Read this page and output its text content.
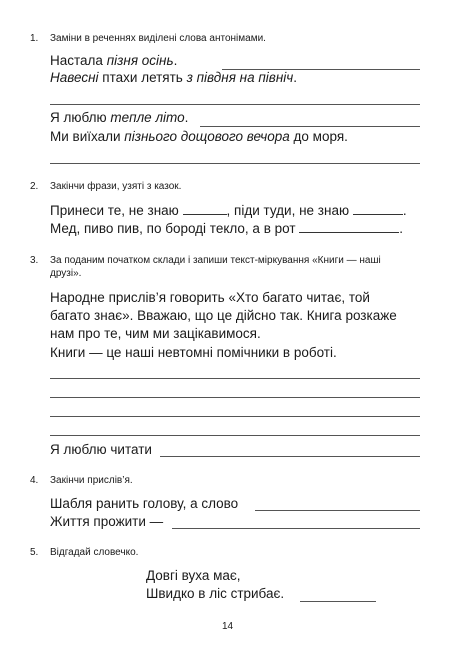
1. Заміни в реченнях виділені слова антонімами.
Настала пізня осінь.
Навесні птахи летять з півдня на північ.
Я люблю тепле літо.
Ми виїхали пізнього дощового вечора до моря.
2. Закінчи фрази, узяті з казок.
Принеси те, не знаю	, піди туди, не знаю	.
Мед, пиво пив, по бороді текло, а в рот	.
3. За поданим початком склади і запиши текст-міркування «Книги — наші
друзі».
Народне прислів’я говорить «Хто багато читає, той
багато знає». Вважаю, що це дійсно так. Книга розкаже
нам про те, чим ми зацікавимося.
Книги — це наші невтомні помічники в роботі.
Я люблю читати
4. Закінчи прислів’я.
Шабля ранить голову, а слово
Життя прожити —
5. Відгадай словечко.
Довгі вуха має,
Швидко в ліс стрибає.
14
